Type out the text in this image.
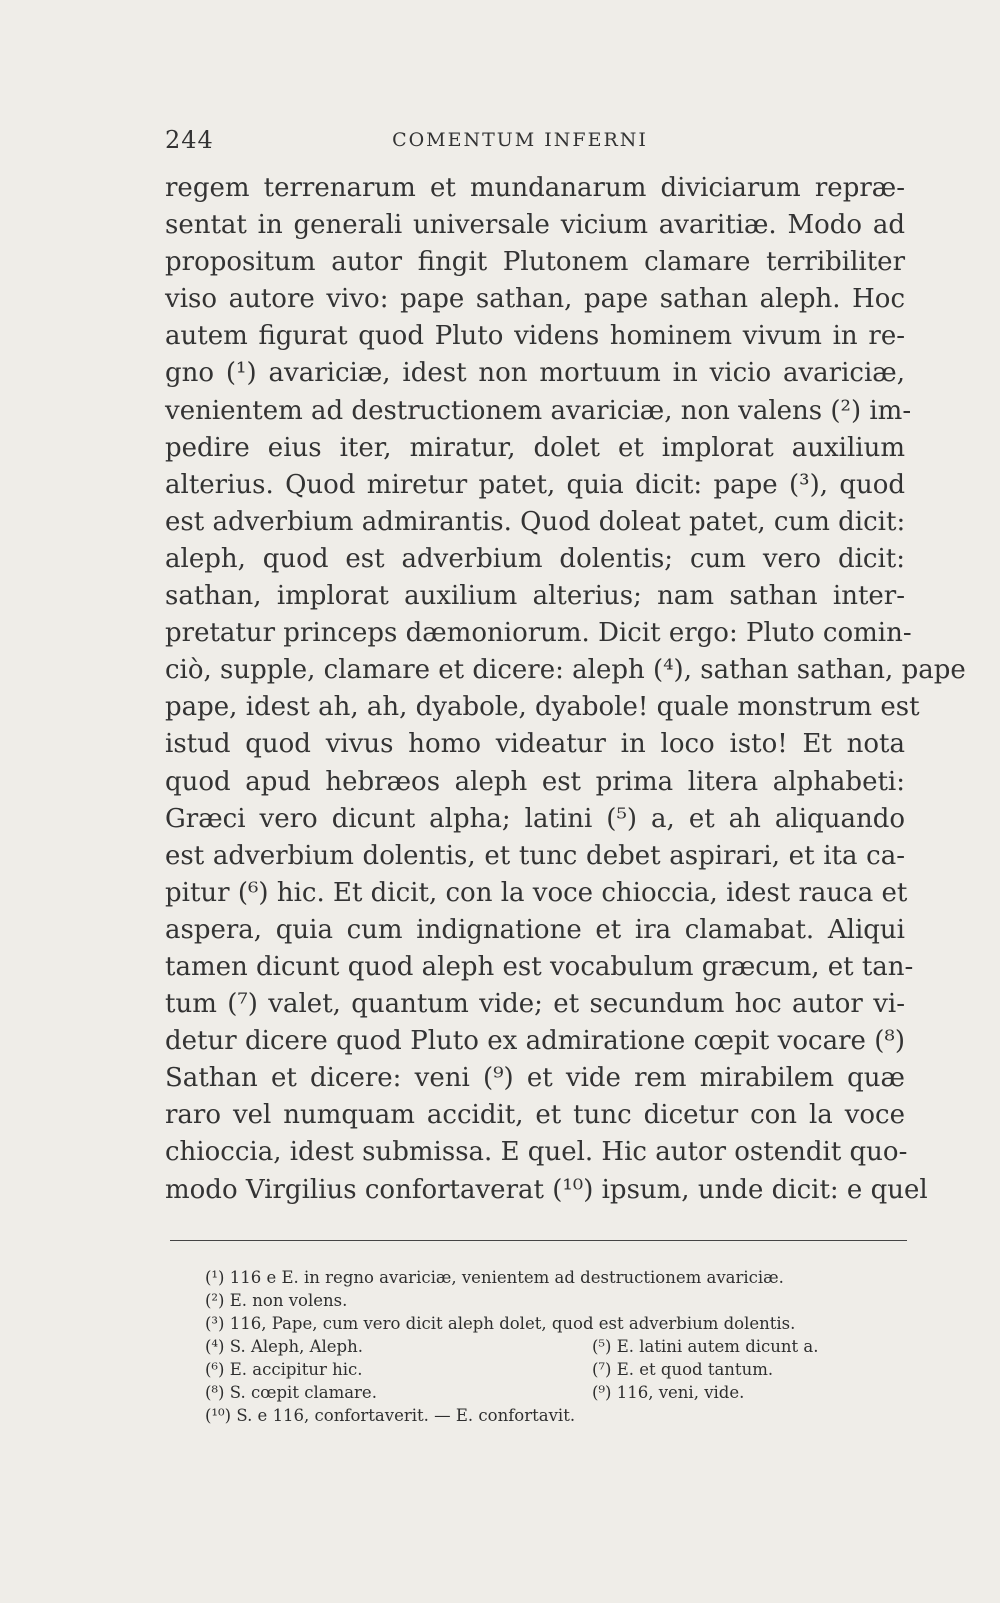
244	COMENTUM INFERNI
regem terrenarum et mundanarum diviciarum repræ-
sentat in generali universale vicium avaritiæ. Modo ad
propositum autor fingit Plutonem clamare terribiliter
viso autore vivo: pape sathan, pape sathan aleph. Hoc
autem figurat quod Pluto videns hominem vivum in re-
gno (¹) avariciæ, idest non mortuum in vicio avariciæ,
venientem ad destructionem avariciæ, non valens (²) im-
pedire eius iter, miratur, dolet et implorat auxilium
alterius. Quod miretur patet, quia dicit: pape (³), quod
est adverbium admirantis. Quod doleat patet, cum dicit:
aleph, quod est adverbium dolentis; cum vero dicit:
sathan, implorat auxilium alterius; nam sathan inter-
pretatur princeps dæmoniorum. Dicit ergo: Pluto comin-
ciò, supple, clamare et dicere: aleph (⁴), sathan sathan, pape
pape, idest ah, ah, dyabole, dyabole! quale monstrum est
istud quod vivus homo videatur in loco isto! Et nota
quod apud hebræos aleph est prima litera alphabeti:
Græci vero dicunt alpha; latini (⁵) a, et ah aliquando
est adverbium dolentis, et tunc debet aspirari, et ita ca-
pitur (⁶) hic. Et dicit, con la voce chioccia, idest rauca et
aspera, quia cum indignatione et ira clamabat. Aliqui
tamen dicunt quod aleph est vocabulum græcum, et tan-
tum (⁷) valet, quantum vide; et secundum hoc autor vi-
detur dicere quod Pluto ex admiratione cœpit vocare (⁸)
Sathan et dicere: veni (⁹) et vide rem mirabilem quæ
raro vel numquam accidit, et tunc dicetur con la voce
chioccia, idest submissa. E quel. Hic autor ostendit quo-
modo Virgilius confortaverat (¹⁰) ipsum, unde dicit: e quel
(¹) 116 e E. in regno avariciæ, venientem ad destructionem avariciæ.
(²) E. non volens.
(³) 116, Pape, cum vero dicit aleph dolet, quod est adverbium dolentis.
(⁴) S. Aleph, Aleph.	(⁵) E. latini autem dicunt a.
(⁶) E. accipitur hic.	(⁷) E. et quod tantum.
(⁸) S. cœpit clamare.	(⁹) 116, veni, vide.
(¹⁰) S. e 116, confortaverit. — E. confortavit.
